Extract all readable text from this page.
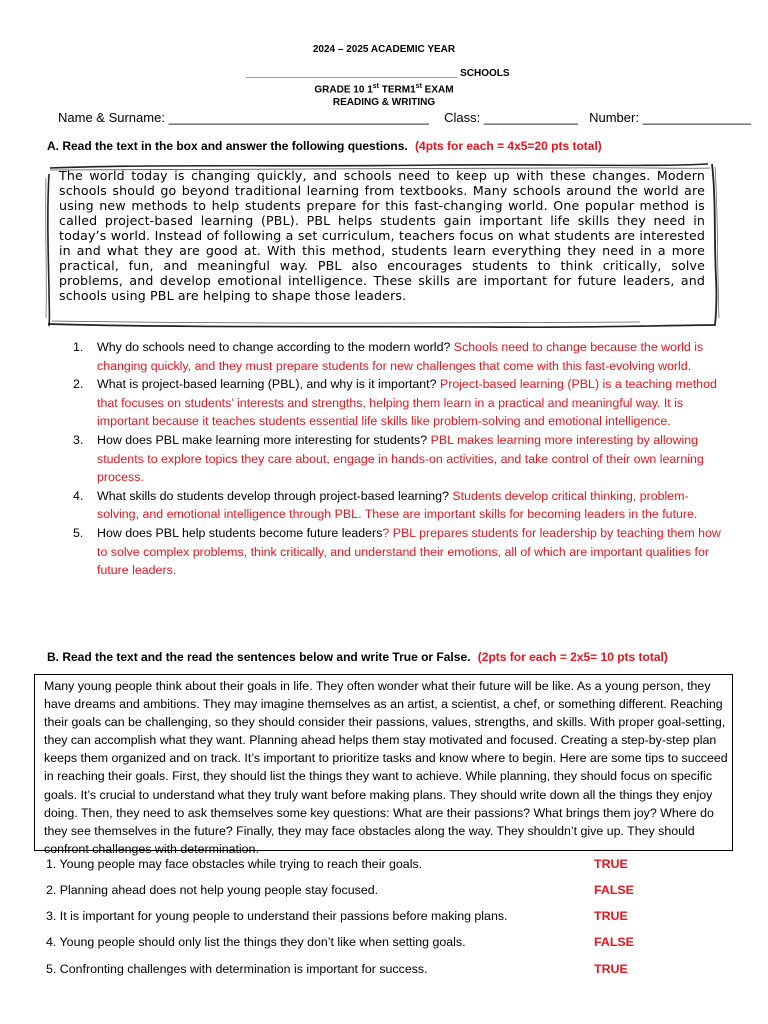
2024 – 2025 ACADEMIC YEAR
______________________________________ SCHOOLS
GRADE 10 1st TERM1st EXAM
READING & WRITING
Name & Surname: ____________________________________ Class: _____________ Number: _______________
A. Read the text in the box and answer the following questions. (4pts for each = 4x5=20 pts total)
The world today is changing quickly, and schools need to keep up with these changes. Modern schools should go beyond traditional learning from textbooks. Many schools around the world are using new methods to help students prepare for this fast-changing world. One popular method is called project-based learning (PBL). PBL helps students gain important life skills they need in today’s world. Instead of following a set curriculum, teachers focus on what students are interested in and what they are good at. With this method, students learn everything they need in a more practical, fun, and meaningful way. PBL also encourages students to think critically, solve problems, and develop emotional intelligence. These skills are important for future leaders, and schools using PBL are helping to shape those leaders.
1.	Why do schools need to change according to the modern world? Schools need to change because the world is changing quickly, and they must prepare students for new challenges that come with this fast-evolving world.
2.	What is project-based learning (PBL), and why is it important? Project-based learning (PBL) is a teaching method that focuses on students’ interests and strengths, helping them learn in a practical and meaningful way. It is important because it teaches students essential life skills like problem-solving and emotional intelligence.
3.	How does PBL make learning more interesting for students? PBL makes learning more interesting by allowing students to explore topics they care about, engage in hands-on activities, and take control of their own learning process.
4.	What skills do students develop through project-based learning? Students develop critical thinking, problem-solving, and emotional intelligence through PBL. These are important skills for becoming leaders in the future.
5.	How does PBL help students become future leaders? PBL prepares students for leadership by teaching them how to solve complex problems, think critically, and understand their emotions, all of which are important qualities for future leaders.
B. Read the text and the read the sentences below and write True or False. (2pts for each = 2x5= 10 pts total)
Many young people think about their goals in life. They often wonder what their future will be like. As a young person, they have dreams and ambitions. They may imagine themselves as an artist, a scientist, a chef, or something different. Reaching their goals can be challenging, so they should consider their passions, values, strengths, and skills. With proper goal-setting, they can accomplish what they want. Planning ahead helps them stay motivated and focused. Creating a step-by-step plan keeps them organized and on track. It’s important to prioritize tasks and know where to begin. Here are some tips to succeed in reaching their goals. First, they should list the things they want to achieve. While planning, they should focus on specific goals. It’s crucial to understand what they truly want before making plans. They should write down all the things they enjoy doing. Then, they need to ask themselves some key questions: What are their passions? What brings them joy? Where do they see themselves in the future? Finally, they may face obstacles along the way. They shouldn’t give up. They should confront challenges with determination.
1. Young people may face obstacles while trying to reach their goals.	TRUE
2. Planning ahead does not help young people stay focused.	FALSE
3. It is important for young people to understand their passions before making plans.	TRUE
4. Young people should only list the things they don’t like when setting goals.	FALSE
5. Confronting challenges with determination is important for success.	TRUE
